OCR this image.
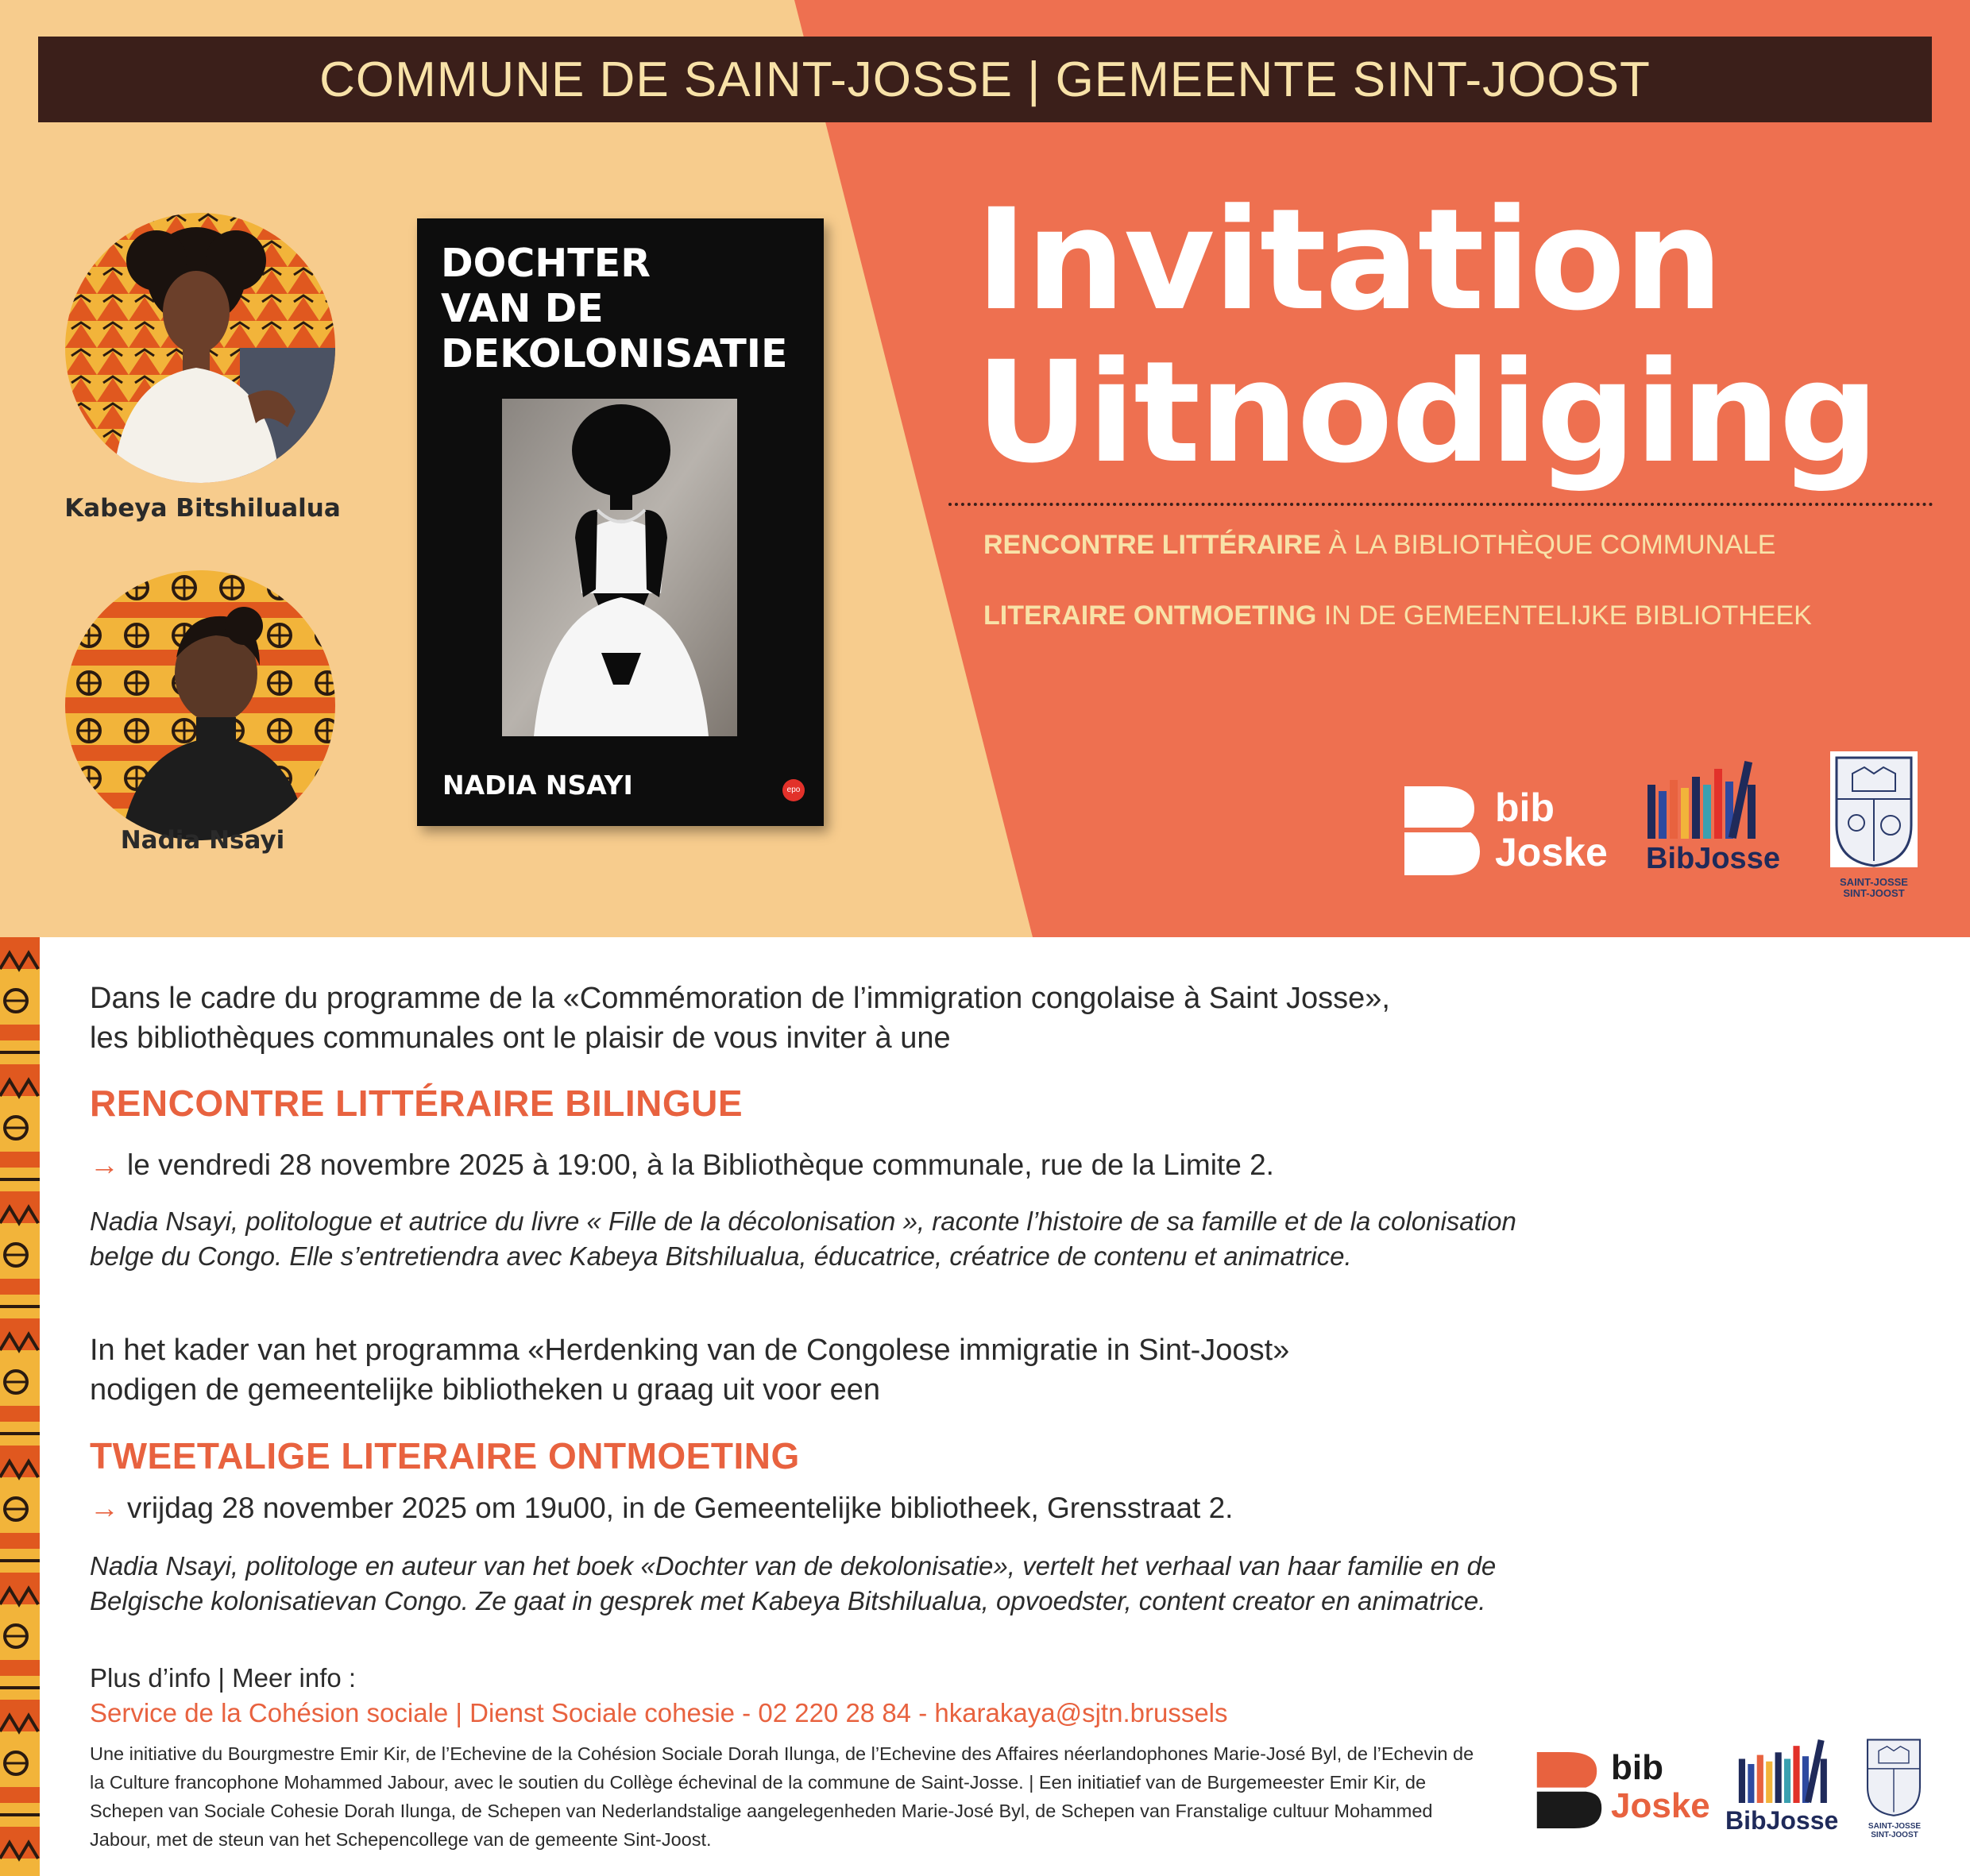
COMMUNE DE SAINT-JOSSE | GEMEENTE SINT-JOOST
Kabeya Bitshilualua
Nadia Nsayi
DOCHTER
VAN DE
DEKOLONISATIE
NADIA NSAYI	epo
Invitation
Uitnodiging
RENCONTRE LITTÉRAIRE À LA BIBLIOTHÈQUE COMMUNALE
LITERAIRE ONTMOETING IN DE GEMEENTELIJKE BIBLIOTHEEK
bib
Joske BibJosse
SAINT-JOSSE
SINT-JOOST
Dans le cadre du programme de la «Commémoration de l’immigration congolaise à Saint Josse»,
les bibliothèques communales ont le plaisir de vous inviter à une
RENCONTRE LITTÉRAIRE BILINGUE
→ le vendredi 28 novembre 2025 à 19:00, à la Bibliothèque communale, rue de la Limite 2.
Nadia Nsayi, politologue et autrice du livre « Fille de la décolonisation », raconte l’histoire de sa famille et de la colonisation
belge du Congo. Elle s’entretiendra avec Kabeya Bitshilualua, éducatrice, créatrice de contenu et animatrice.
In het kader van het programma «Herdenking van de Congolese immigratie in Sint-Joost»
nodigen de gemeentelijke bibliotheken u graag uit voor een
TWEETALIGE LITERAIRE ONTMOETING
→ vrijdag 28 november 2025 om 19u00, in de Gemeentelijke bibliotheek, Grensstraat 2.
Nadia Nsayi, politologe en auteur van het boek «Dochter van de dekolonisatie», vertelt het verhaal van haar familie en de
Belgische kolonisatievan Congo. Ze gaat in gesprek met Kabeya Bitshilualua, opvoedster, content creator en animatrice.
Plus d’info | Meer info :
Service de la Cohésion sociale | Dienst Sociale cohesie - 02 220 28 84 - hkarakaya@sjtn.brussels
Une initiative du Bourgmestre Emir Kir, de l’Echevine de la Cohésion Sociale Dorah Ilunga, de l’Echevine des Affaires néerlandophones Marie-José Byl, de l’Echevin de la Culture francophone Mohammed Jabour, avec le soutien du Collège échevinal de la commune de Saint-Josse. | Een initiatief van de Burgemeester Emir Kir, de Schepen van Sociale Cohesie Dorah Ilunga, de Schepen van Nederlandstalige aangelegenheden Marie-José Byl, de Schepen van Franstalige cultuur Mohammed Jabour, met de steun van het Schepencollege van de gemeente Sint-Joost.
bib
Joske BibJosse	SAINT-JOSSE
SINT-JOOST
